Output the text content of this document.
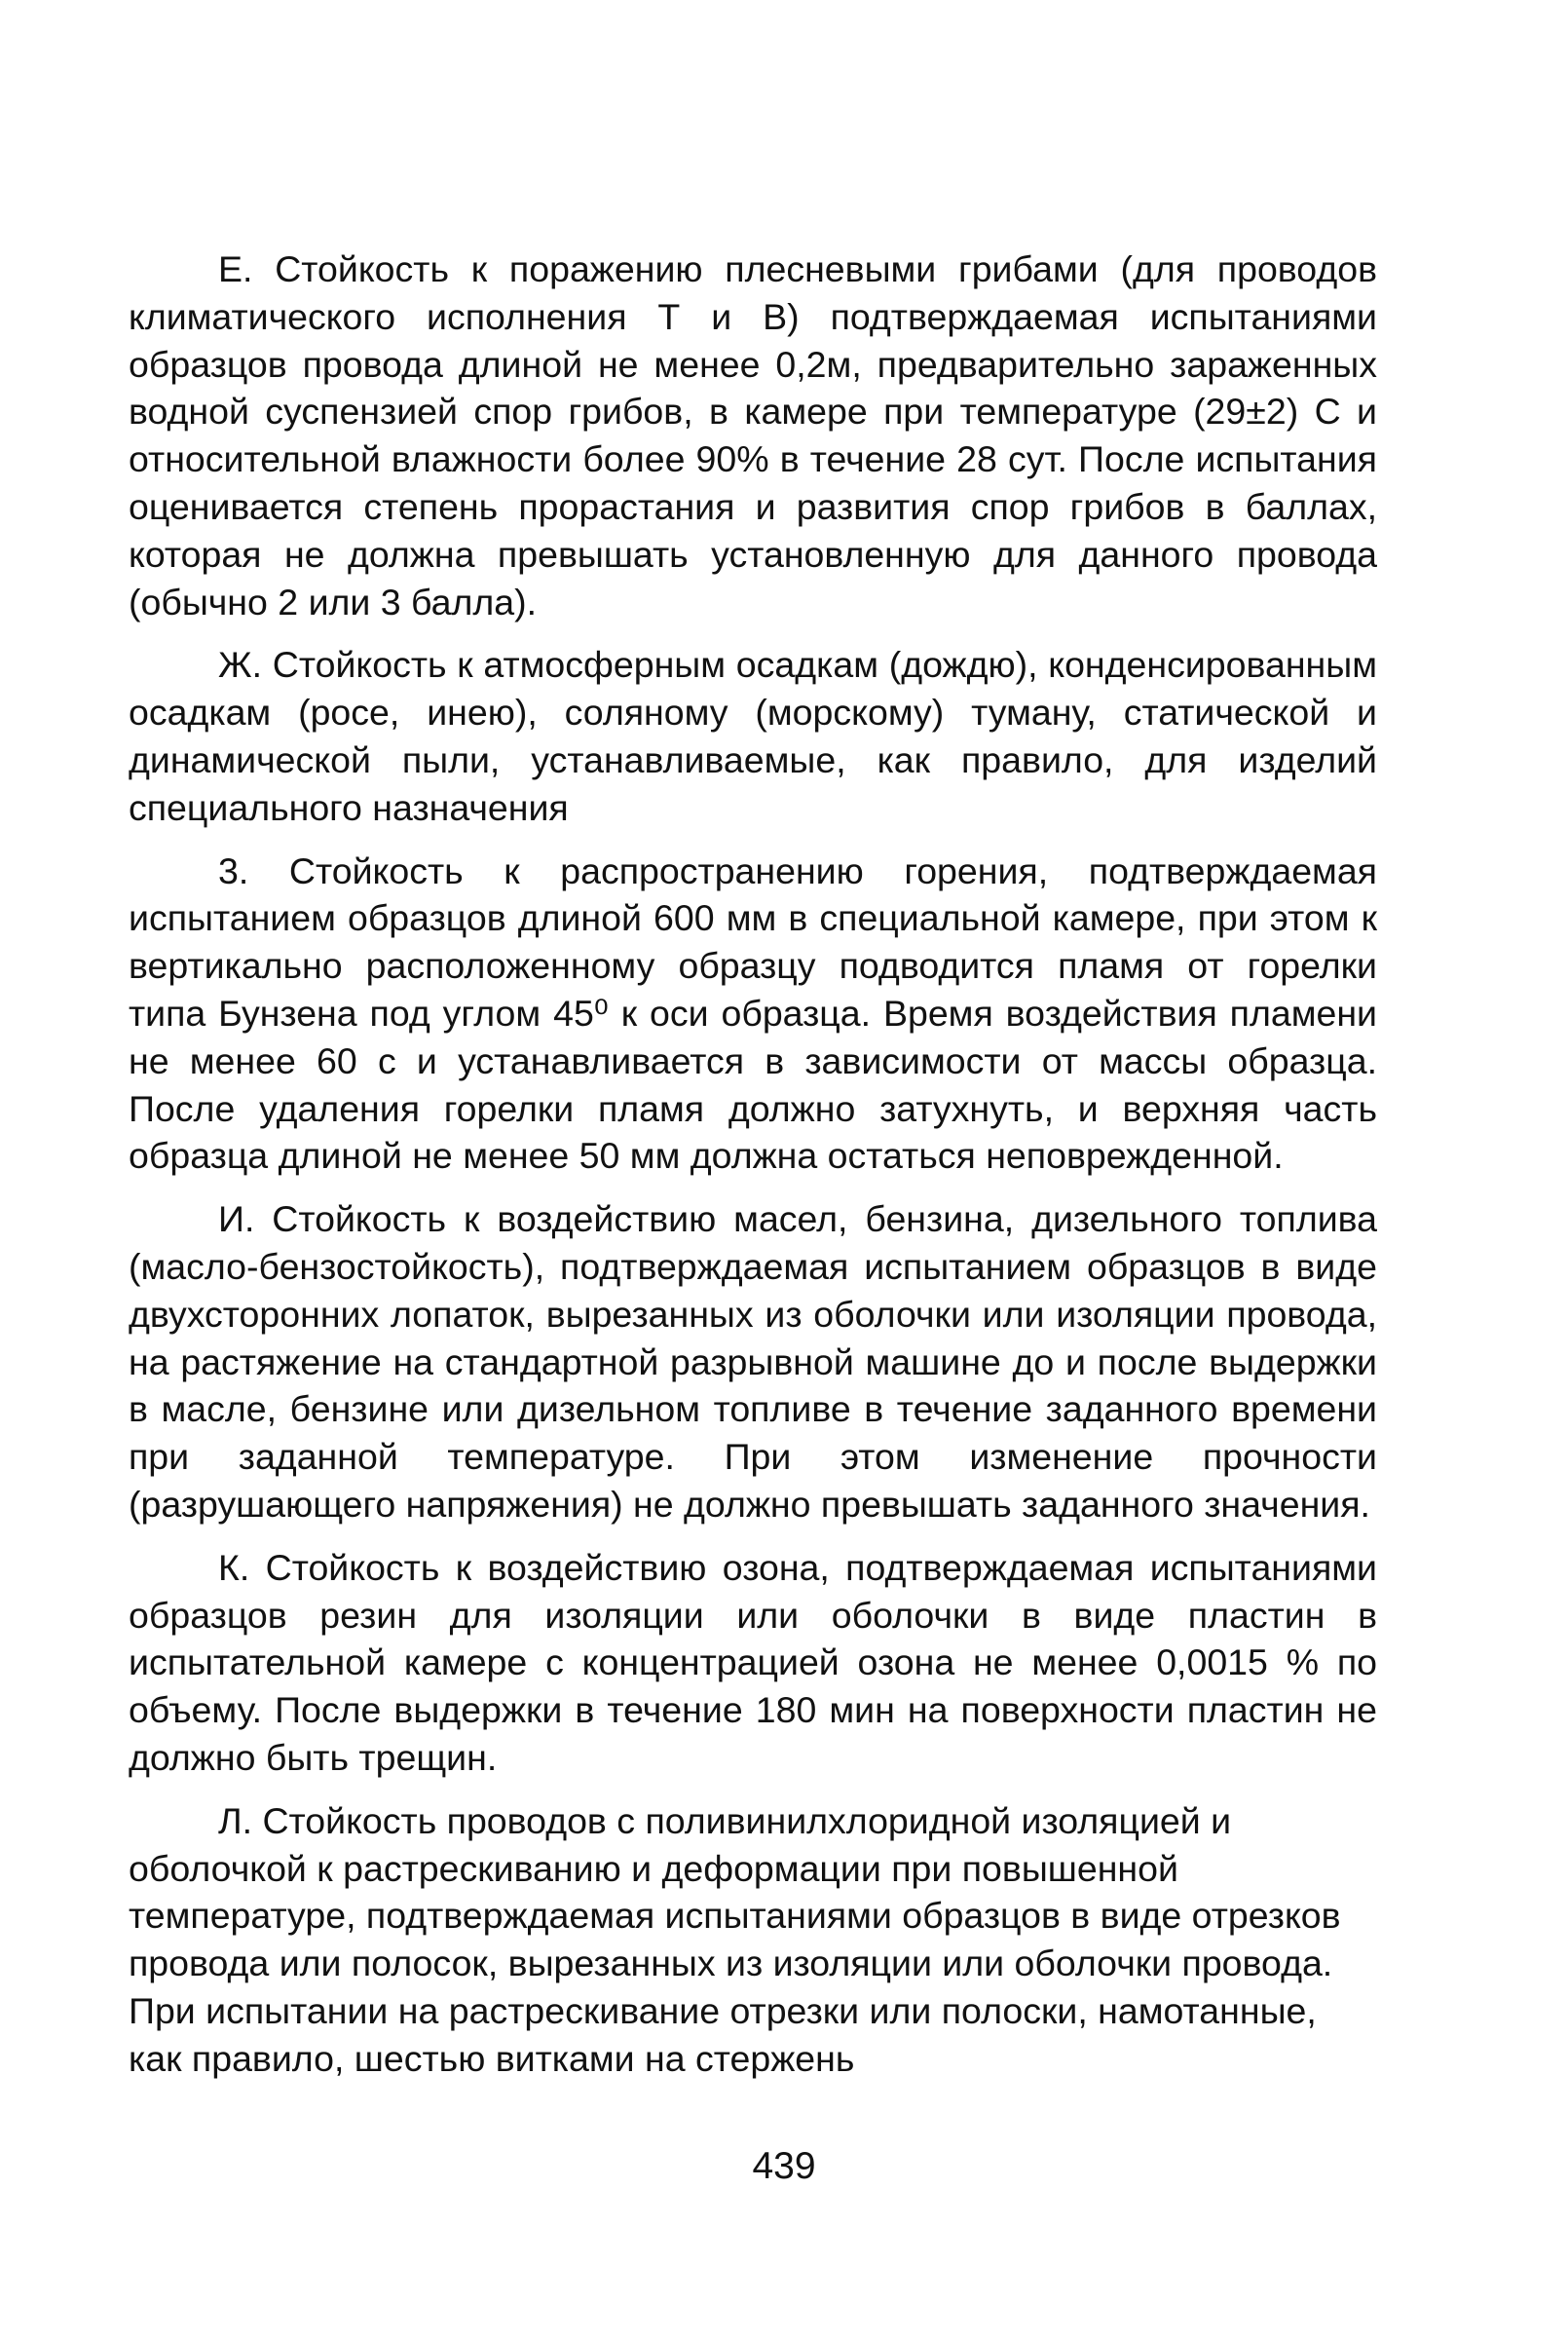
Е. Стойкость к поражению плесневыми грибами (для проводов климатического исполнения Т и В) подтверждаемая испытаниями образцов провода длиной не менее 0,2м, предварительно зараженных водной суспензией спор грибов, в камере при температуре (29±2) С и относительной влажности более 90% в течение 28 сут. После испытания оценивается степень прорастания и развития спор грибов в баллах, которая не должна превышать установленную для данного провода (обычно 2 или 3 балла).

Ж. Стойкость к атмосферным осадкам (дождю), конденсированным осадкам (росе, инею), соляному (морскому) туману, статической и динамической пыли, устанавливаемые, как правило, для изделий специального назначения

3. Стойкость к распространению горения, подтверждаемая испытанием образцов длиной 600 мм в специальной камере, при этом к вертикально расположенному образцу подводится пламя от горелки типа Бунзена под углом 45⁰ к оси образца. Время воздействия пламени не менее 60 с и устанавливается в зависимости от массы образца. После удаления горелки пламя должно затухнуть, и верхняя часть образца длиной не менее 50 мм должна остаться неповрежденной.

И. Стойкость к воздействию масел, бензина, дизельного топлива (масло-бензостойкость), подтверждаемая испытанием образцов в виде двухсторонних лопаток, вырезанных из оболочки или изоляции провода, на растяжение на стандартной разрывной машине до и после выдержки в масле, бензине или дизельном топливе в течение заданного времени при заданной температуре. При этом изменение прочности (разрушающего напряжения) не должно превышать заданного значения.

К. Стойкость к воздействию озона, подтверждаемая испытаниями образцов резин для изоляции или оболочки в виде пластин в испытательной камере с концентрацией озона не менее 0,0015 % по объему. После выдержки в течение 180 мин на поверхности пластин не должно быть трещин.

Л. Стойкость проводов с поливинилхлоридной изоляцией и оболочкой к растрескиванию и деформации при повышенной температуре, подтверждаемая испытаниями образцов в виде отрезков провода или полосок, вырезанных из изоляции или оболочки провода. При испытании на растрескивание отрезки или полоски, намотанные, как правило, шестью витками на стержень

439
